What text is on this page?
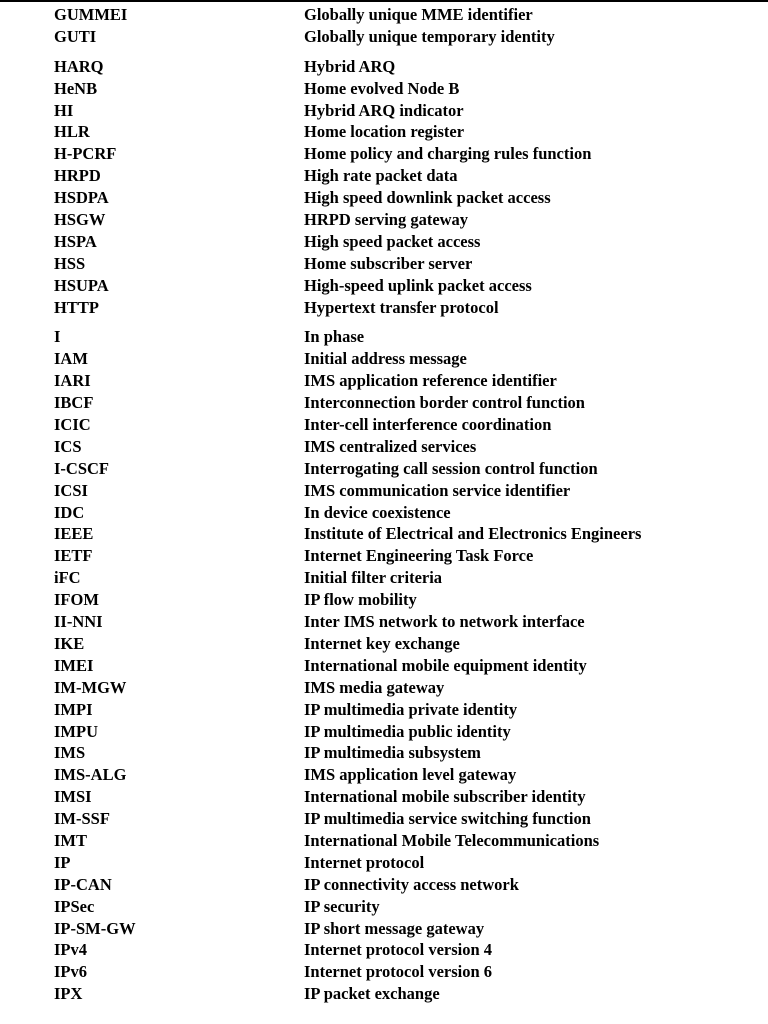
GUMMEI	Globally unique MME identifier
GUTI	Globally unique temporary identity
HARQ	Hybrid ARQ
HeNB	Home evolved Node B
HI	Hybrid ARQ indicator
HLR	Home location register
H-PCRF	Home policy and charging rules function
HRPD	High rate packet data
HSDPA	High speed downlink packet access
HSGW	HRPD serving gateway
HSPA	High speed packet access
HSS	Home subscriber server
HSUPA	High-speed uplink packet access
HTTP	Hypertext transfer protocol
I	In phase
IAM	Initial address message
IARI	IMS application reference identifier
IBCF	Interconnection border control function
ICIC	Inter-cell interference coordination
ICS	IMS centralized services
I-CSCF	Interrogating call session control function
ICSI	IMS communication service identifier
IDC	In device coexistence
IEEE	Institute of Electrical and Electronics Engineers
IETF	Internet Engineering Task Force
iFC	Initial filter criteria
IFOM	IP flow mobility
II-NNI	Inter IMS network to network interface
IKE	Internet key exchange
IMEI	International mobile equipment identity
IM-MGW	IMS media gateway
IMPI	IP multimedia private identity
IMPU	IP multimedia public identity
IMS	IP multimedia subsystem
IMS-ALG	IMS application level gateway
IMSI	International mobile subscriber identity
IM-SSF	IP multimedia service switching function
IMT	International Mobile Telecommunications
IP	Internet protocol
IP-CAN	IP connectivity access network
IPSec	IP security
IP-SM-GW	IP short message gateway
IPv4	Internet protocol version 4
IPv6	Internet protocol version 6
IPX	IP packet exchange
